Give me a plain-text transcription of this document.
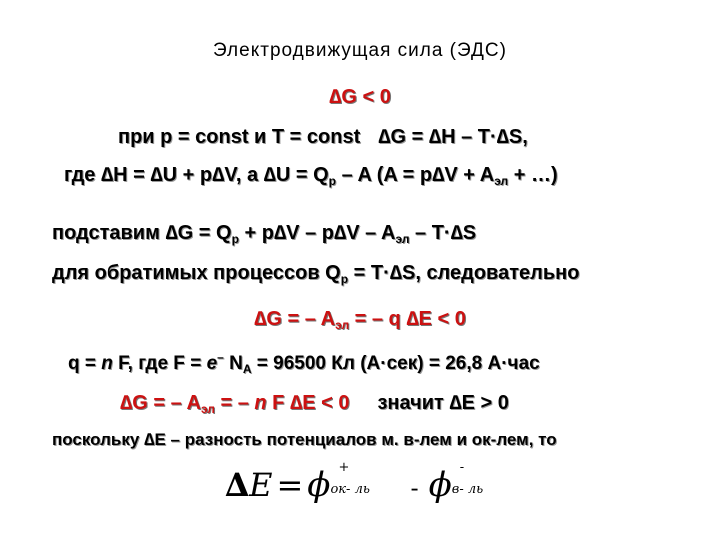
Электродвижущая сила (ЭДС)
∆G < 0
при p = const и T = const ∆G = ∆H – T·∆S,
где ∆H = ∆U + p∆V, а $\Delta U = Q_p - A$ ($A = p\Delta V + A_{эл}$ + …)
подставим $\Delta G = Q_p + p\Delta V - p\Delta V - A_{эл} - T\cdot\Delta S$
для обратимых процессов $Q_p = T\cdot\Delta S$, следовательно
∆G = – $A_{эл}$ = – q ∆E < 0
q = n F, где F = e– $N_A = 96500$ Кл (А·сек) = 26,8 А·час
∆G = – $A_{эл}$ = – n F ∆E < 0 значит ∆E > 0
поскольку ∆E – разность потенциалов м. в-лем и ок-лем, то
∆E = ϕ +
ок- ль - ϕ -
в- ль
